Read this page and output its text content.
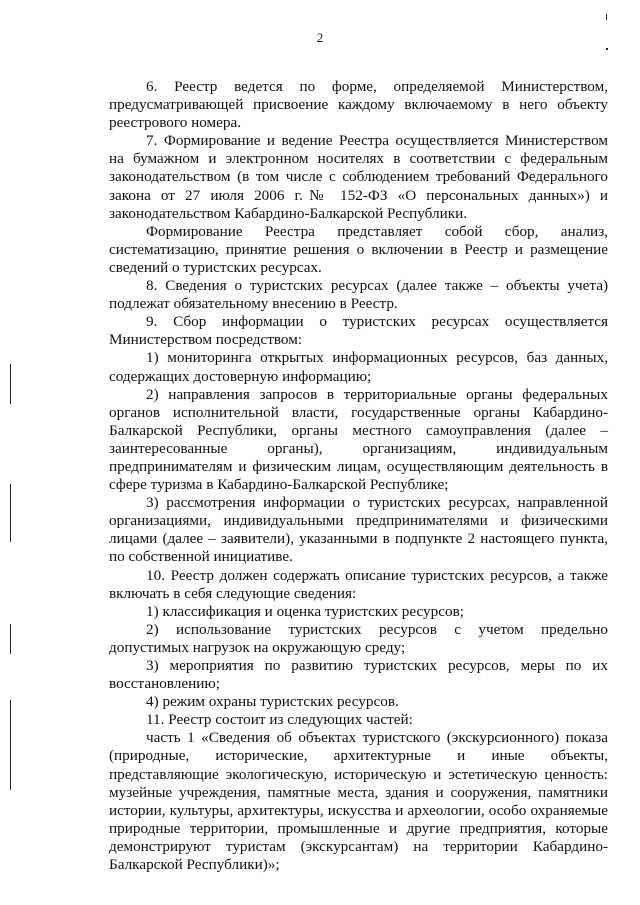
2

6. Реестр ведется по форме, определяемой Министерством, предусматривающей присвоение каждому включаемому в него объекту реестрового номера.

7. Формирование и ведение Реестра осуществляется Министерством на бумажном и электронном носителях в соответствии с федеральным законодательством (в том числе с соблюдением требований Федерального закона от 27 июля 2006 г.№ 152-ФЗ «О персональных данных») и законодательством Кабардино-Балкарской Республики.

Формирование Реестра представляет собой сбор, анализ, систематизацию, принятие решения о включении в Реестр и размещение сведений о туристских ресурсах.

8. Сведения о туристских ресурсах (далее также – объекты учета) подлежат обязательному внесению в Реестр.

9. Сбор информации о туристских ресурсах осуществляется Министерством посредством:

1) мониторинга открытых информационных ресурсов, баз данных, содержащих достоверную информацию;

2) направления запросов в территориальные органы федеральных органов исполнительной власти, государственные органы Кабардино-Балкарской Республики, органы местного самоуправления (далее – заинтересованные органы), организациям, индивидуальным предпринимателям и физическим лицам, осуществляющим деятельность в сфере туризма в Кабардино-Балкарской Республике;

3) рассмотрения информации о туристских ресурсах, направленной организациями, индивидуальными предпринимателями и физическими лицами (далее – заявители), указанными в подпункте 2 настоящего пункта, по собственной инициативе.

10. Реестр должен содержать описание туристских ресурсов, а также включать в себя следующие сведения:

1) классификация и оценка туристских ресурсов;

2) использование туристских ресурсов с учетом предельно допустимых нагрузок на окружающую среду;

3) мероприятия по развитию туристских ресурсов, меры по их восстановлению;

4) режим охраны туристских ресурсов.

11. Реестр состоит из следующих частей:

часть 1 «Сведения об объектах туристского (экскурсионного) показа (природные, исторические, архитектурные и иные объекты, представляющие экологическую, историческую и эстетическую ценность: музейные учреждения, памятные места, здания и сооружения, памятники истории, культуры, архитектуры, искусства и археологии, особо охраняемые природные территории, промышленные и другие предприятия, которые демонстрируют туристам (экскурсантам) на территории Кабардино-Балкарской Республики)»;
